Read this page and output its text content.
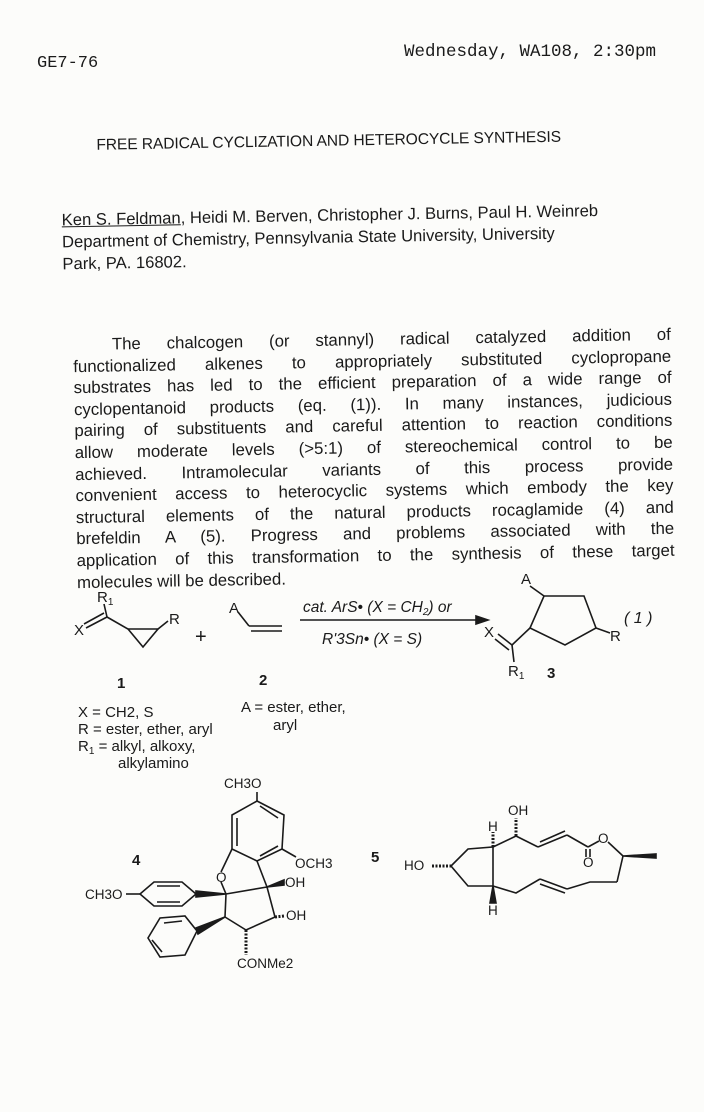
GE7-76
Wednesday, WA108, 2:30pm
FREE RADICAL CYCLIZATION AND HETEROCYCLE SYNTHESIS
Ken S. Feldman, Heidi M. Berven, Christopher J. Burns, Paul H. Weinreb
Department of Chemistry, Pennsylvania State University, University
Park, PA. 16802.
The chalcogen (or stannyl) radical catalyzed addition of
functionalized alkenes to appropriately substituted cyclopropane
substrates has led to the efficient preparation of a wide range of
cyclopentanoid products (eq. (1)). In many instances, judicious
pairing of substituents and careful attention to reaction conditions
allow moderate levels (>5:1) of stereochemical control to be
achieved. Intramolecular variants of this process provide
convenient access to heterocyclic systems which embody the key
structural elements of the natural products rocaglamide (4) and
brefeldin A (5). Progress and problems associated with the
application of this transformation to the synthesis of these target
molecules will be described.
$R_1$
X
R
+
A	cat. ArS• $(X = CH_2)$ or
R'3Sn• (X = S)
A
X	R
$R_1$ 3
( 1 )
1	2
X = CH2, S
R = ester, ether, aryl
$R_1$ = alkyl, alkoxy,
alkylamino
A = ester, ether,
aryl
4
CH3O
OCH3
O	OH
OH
CH3O
CONMe2
5 HO
OH
H
H
O
O
